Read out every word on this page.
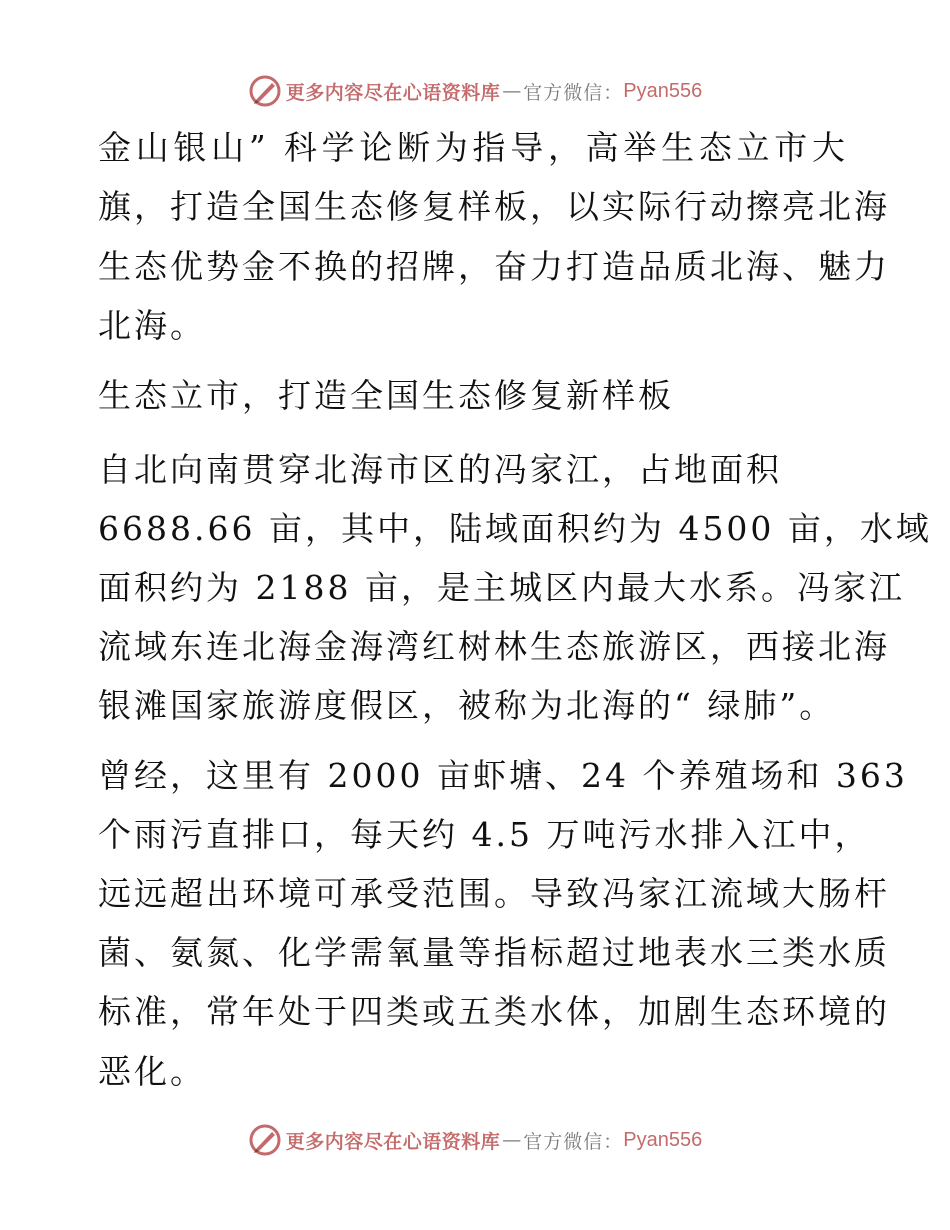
更多内容尽在心语资料库 — 官方微信： Pyan556
金山银山” 科学论断为指导，高举生态立市大
旗，打造全国生态修复样板，以实际行动擦亮北海
生态优势金不换的招牌，奋力打造品质北海、魅力
北海。
生态立市，打造全国生态修复新样板
自北向南贯穿北海市区的冯家江，占地面积
6688.66 亩，其中，陆域面积约为 4500 亩，水域
面积约为 2188 亩，是主城区内最大水系。冯家江
流域东连北海金海湾红树林生态旅游区，西接北海
银滩国家旅游度假区，被称为北海的“ 绿肺”。
曾经，这里有 2000 亩虾塘、24 个养殖场和 363
个雨污直排口，每天约 4.5 万吨污水排入江中，
远远超出环境可承受范围。导致冯家江流域大肠杆
菌、氨氮、化学需氧量等指标超过地表水三类水质
标准，常年处于四类或五类水体，加剧生态环境的
恶化。
更多内容尽在心语资料库 — 官方微信： Pyan556
